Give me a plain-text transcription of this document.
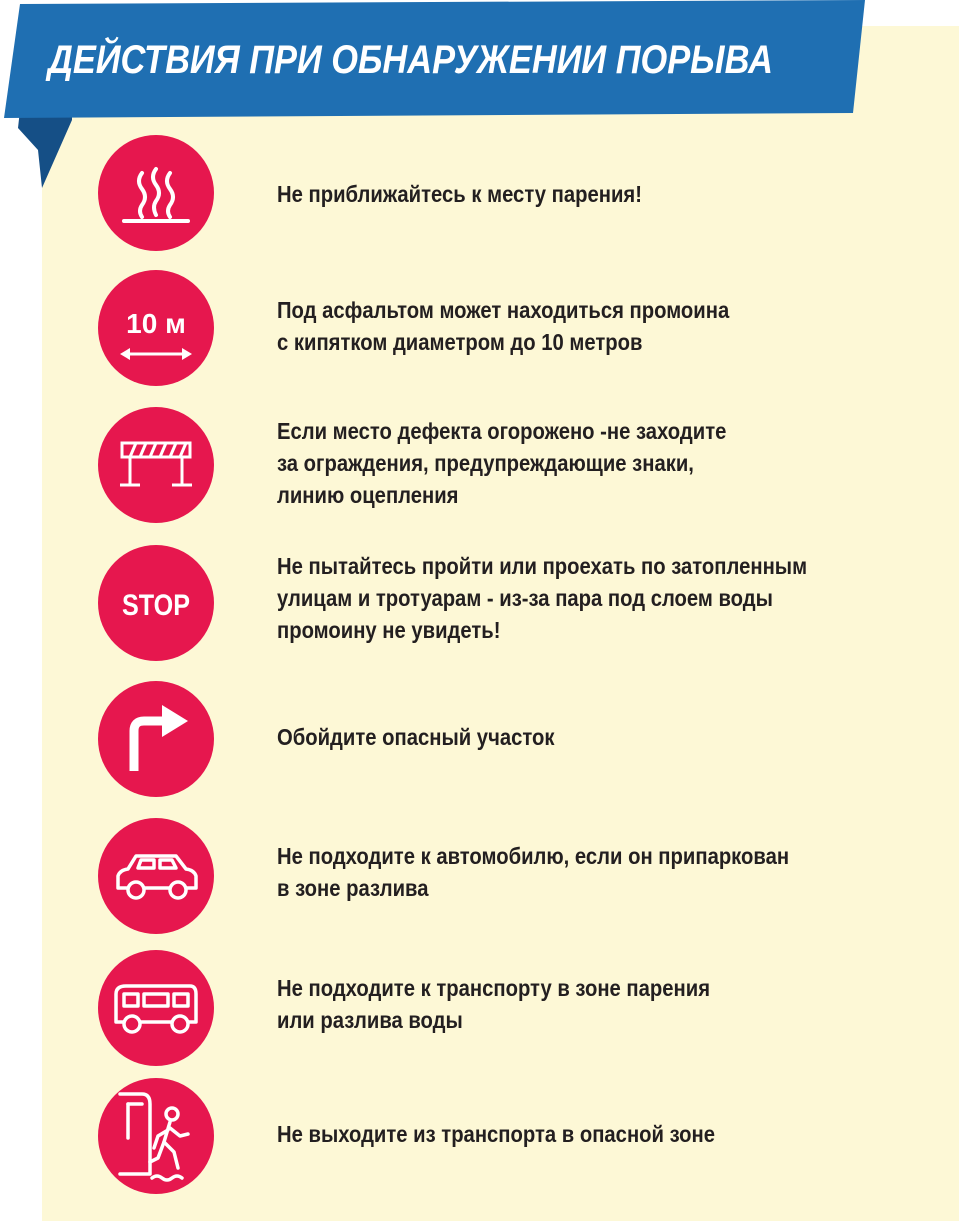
ДЕЙСТВИЯ ПРИ ОБНАРУЖЕНИИ ПОРЫВА
Не приближайтесь к месту парения!
10 м	Под асфальтом может находиться промоина
с кипятком диаметром до 10 метров
Если место дефекта огорожено -не заходите
за ограждения, предупреждающие знаки,
линию оцепления
STOP
Не пытайтесь пройти или проехать по затопленным
улицам и тротуарам - из-за пара под слоем воды
промоину не увидеть!
Обойдите опасный участок
Не подходите к автомобилю, если он припаркован
в зоне разлива
Не подходите к транспорту в зоне парения
или разлива воды
Не выходите из транспорта в опасной зоне
